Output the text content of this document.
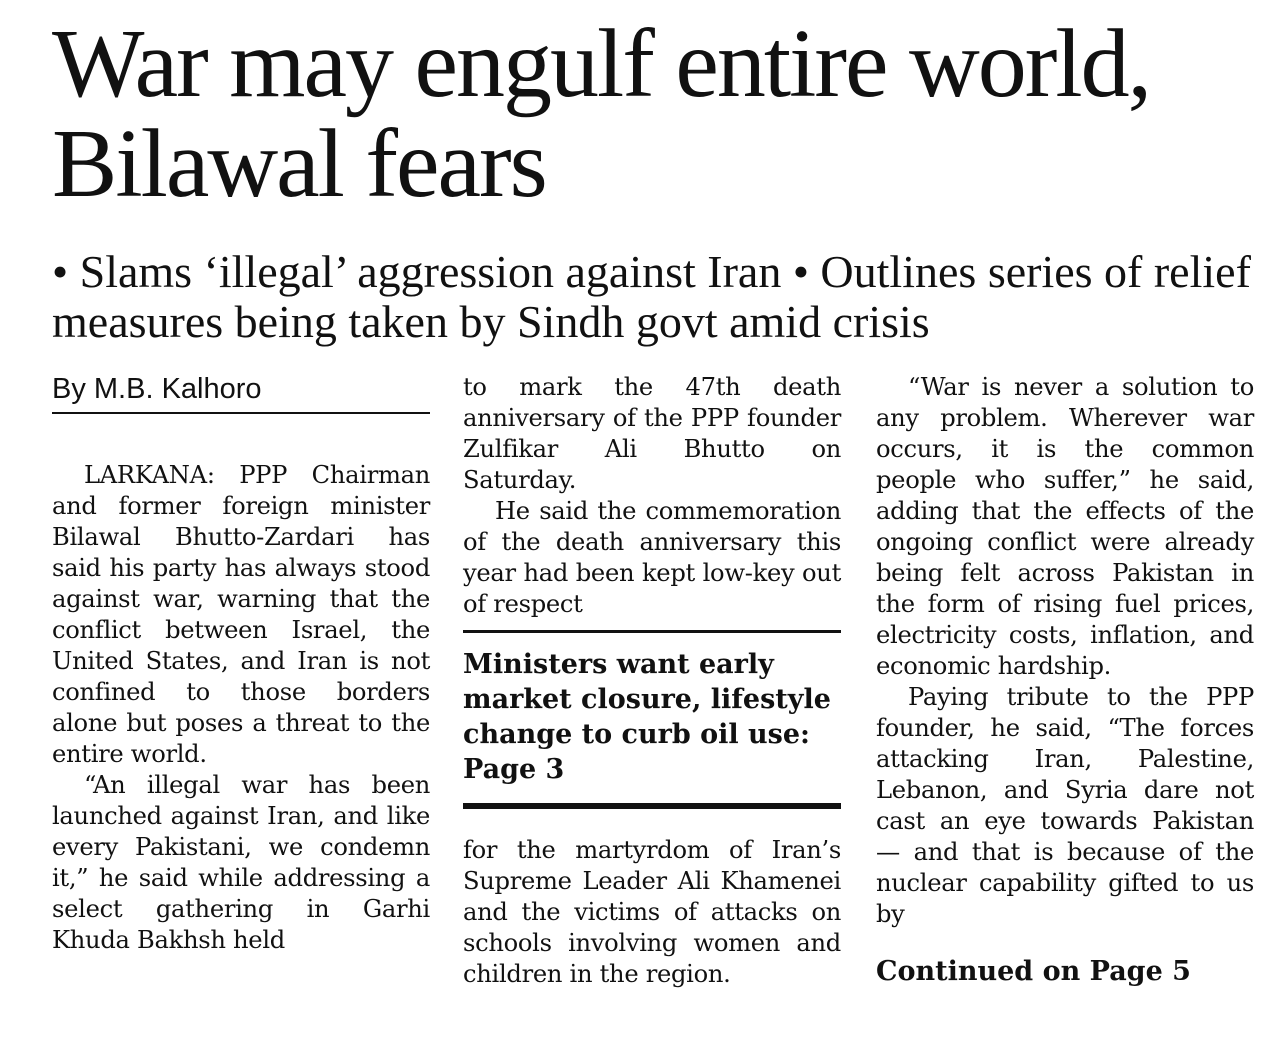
War may engulf entire world, Bilawal fears
• Slams ‘illegal’ aggression against Iran • Outlines series of relief measures being taken by Sindh govt amid crisis
By M.B. Kalhoro

LARKANA: PPP Chairman and former foreign minister Bilawal Bhutto-Zardari has said his party has always stood against war, warning that the conflict between Israel, the United States, and Iran is not confined to those borders alone but poses a threat to the entire world.

“An illegal war has been launched against Iran, and like every Pakistani, we condemn it,” he said while addressing a select gathering in Garhi Khuda Bakhsh held

to mark the 47th death anniversary of the PPP founder Zulfikar Ali Bhutto on Saturday.

He said the commemoration of the death anniversary this year had been kept low-key out of respect

Ministers want early market closure, lifestyle change to curb oil use: Page 3

for the martyrdom of Iran’s Supreme Leader Ali Khamenei and the victims of attacks on schools involving women and children in the region.

“War is never a solution to any problem. Wherever war occurs, it is the common people who suffer,” he said, adding that the effects of the ongoing conflict were already being felt across Pakistan in the form of rising fuel prices, electricity costs, inflation, and economic hardship.

Paying tribute to the PPP founder, he said, “The forces attacking Iran, Palestine, Lebanon, and Syria dare not cast an eye towards Pakistan — and that is because of the nuclear capability gifted to us by

Continued on Page 5
